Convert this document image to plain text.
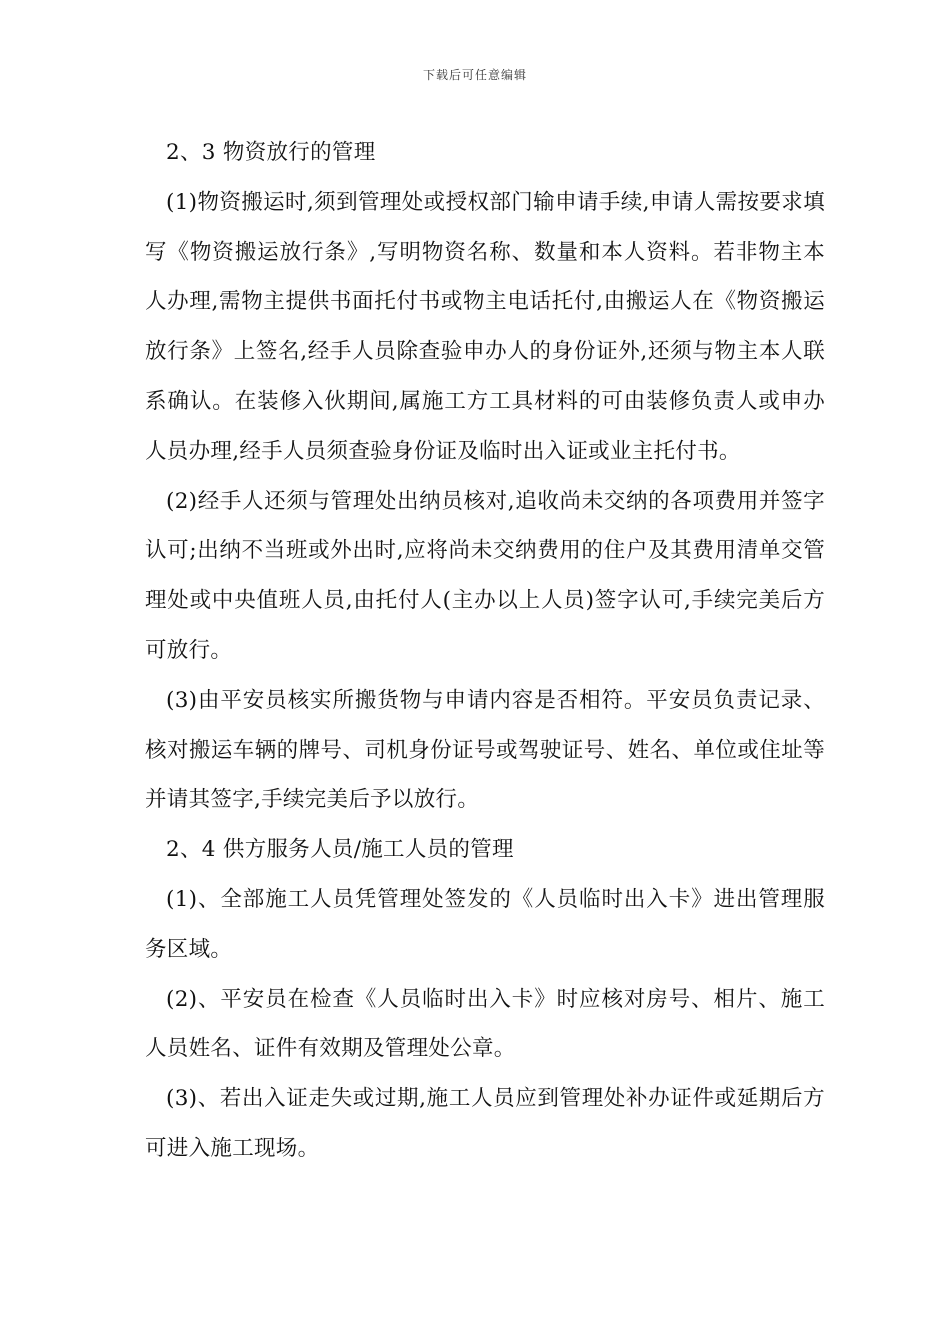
下载后可任意编辑

2、3 物资放行的管理

(1)物资搬运时,须到管理处或授权部门输申请手续,申请人需按要求填写《物资搬运放行条》,写明物资名称、数量和本人资料。若非物主本人办理,需物主提供书面托付书或物主电话托付,由搬运人在《物资搬运放行条》上签名,经手人员除查验申办人的身份证外,还须与物主本人联系确认。在装修入伙期间,属施工方工具材料的可由装修负责人或申办人员办理,经手人员须查验身份证及临时出入证或业主托付书。

(2)经手人还须与管理处出纳员核对,追收尚未交纳的各项费用并签字认可;出纳不当班或外出时,应将尚未交纳费用的住户及其费用清单交管理处或中央值班人员,由托付人(主办以上人员)签字认可,手续完美后方可放行。

(3)由平安员核实所搬货物与申请内容是否相符。平安员负责记录、核对搬运车辆的牌号、司机身份证号或驾驶证号、姓名、单位或住址等并请其签字,手续完美后予以放行。

2、4 供方服务人员/施工人员的管理

(1)、全部施工人员凭管理处签发的《人员临时出入卡》进出管理服务区域。

(2)、平安员在检查《人员临时出入卡》时应核对房号、相片、施工人员姓名、证件有效期及管理处公章。

(3)、若出入证走失或过期,施工人员应到管理处补办证件或延期后方可进入施工现场。
